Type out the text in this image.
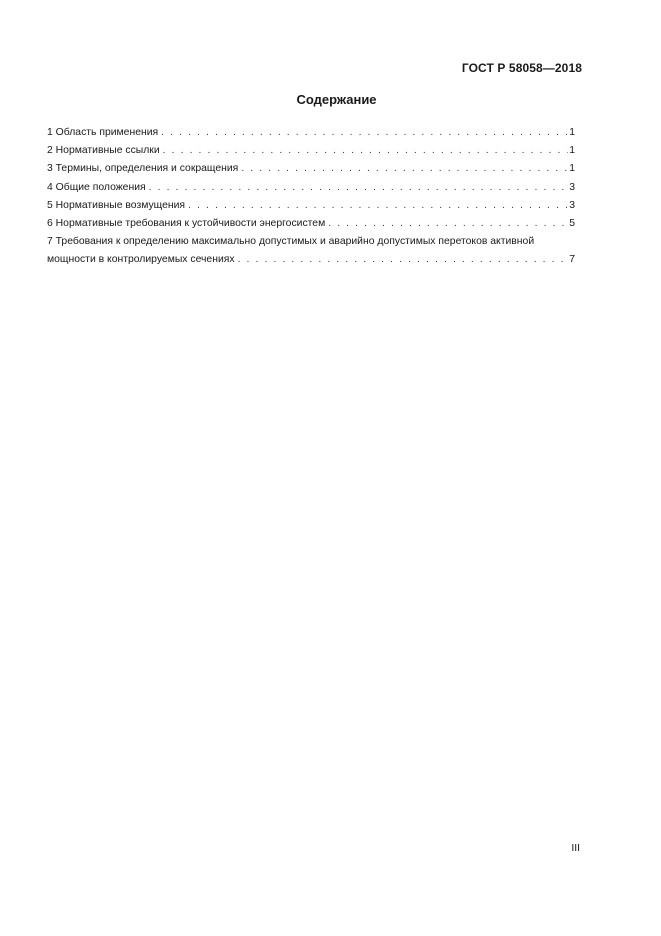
ГОСТ Р 58058—2018
Содержание
1 Область применения . . .	1
2 Нормативные ссылки . . .	1
3 Термины, определения и сокращения . . .	1
4 Общие положения . . .	3
5 Нормативные возмущения . . .	3
6 Нормативные требования к устойчивости энергосистем . . .	5
7 Требования к определению максимально допустимых и аварийно допустимых перетоков активной
мощности в контролируемых сечениях . . .	7
III
